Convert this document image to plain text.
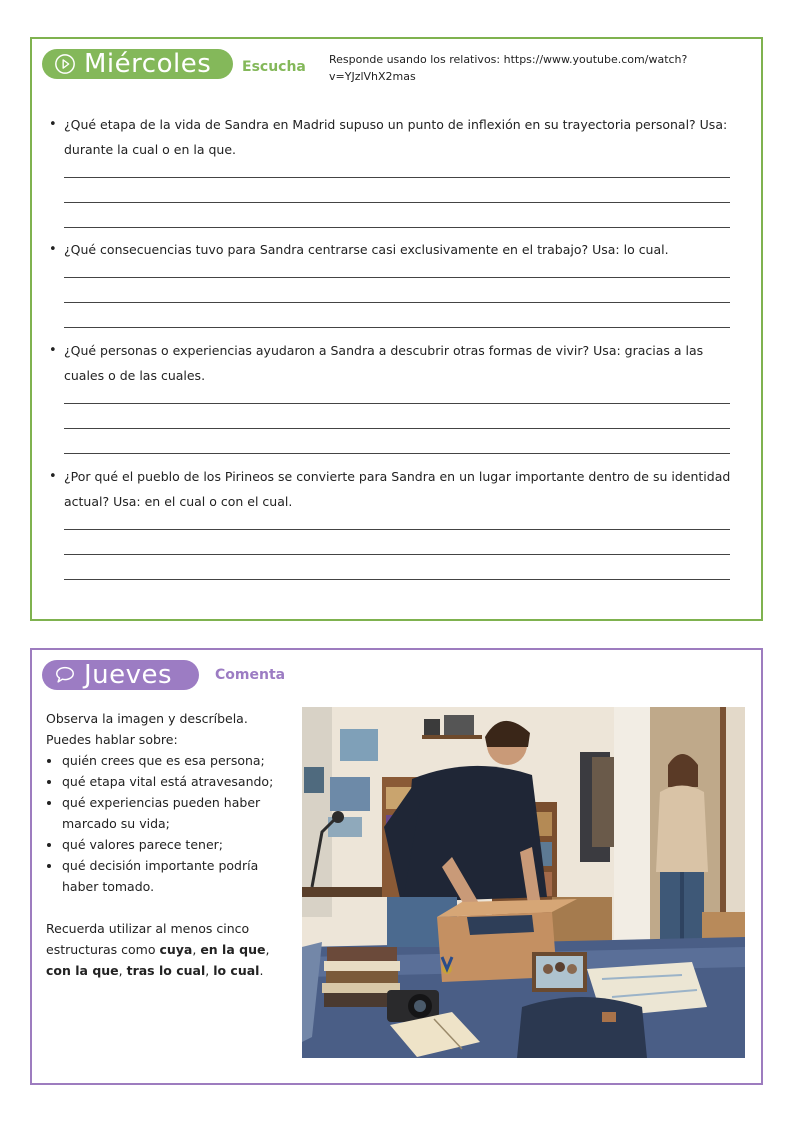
Miércoles Escucha Responde usando los relativos: https://www.youtube.com/watch?v=YJzlVhX2mas
• ¿Qué etapa de la vida de Sandra en Madrid supuso un punto de inflexión en su trayectoria personal? Usa: durante la cual o en la que.
• ¿Qué consecuencias tuvo para Sandra centrarse casi exclusivamente en el trabajo? Usa: lo cual.
• ¿Qué personas o experiencias ayudaron a Sandra a descubrir otras formas de vivir? Usa: gracias a las cuales o de las cuales.
• ¿Por qué el pueblo de los Pirineos se convierte para Sandra en un lugar importante dentro de su identidad actual? Usa: en el cual o con el cual.
Jueves	Comenta
Observa la imagen y descríbela.
Puedes hablar sobre:
• quién crees que es esa persona;
• qué etapa vital está atravesando;
• qué experiencias pueden haber marcado su vida;
• qué valores parece tener;
• qué decisión importante podría haber tomado.
Recuerda utilizar al menos cinco estructuras como cuya, en la que, con la que, tras lo cual, lo cual.
